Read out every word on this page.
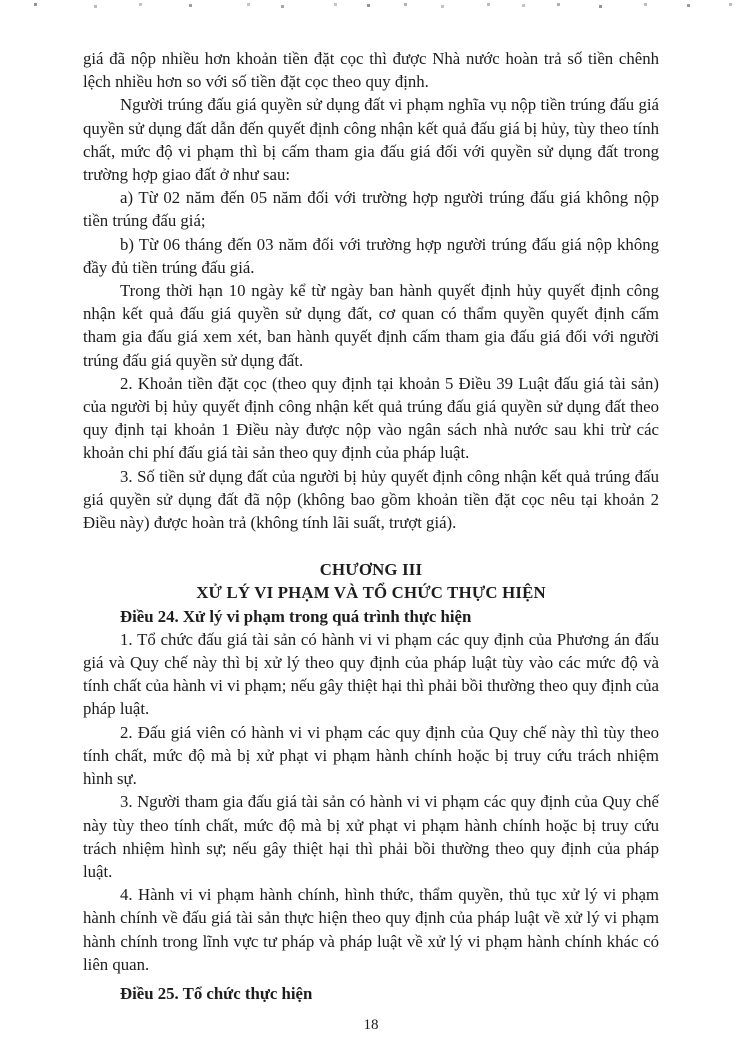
giá đã nộp nhiều hơn khoản tiền đặt cọc thì được Nhà nước hoàn trả số tiền chênh lệch nhiều hơn so với số tiền đặt cọc theo quy định.

Người trúng đấu giá quyền sử dụng đất vi phạm nghĩa vụ nộp tiền trúng đấu giá quyền sử dụng đất dẫn đến quyết định công nhận kết quả đấu giá bị hủy, tùy theo tính chất, mức độ vi phạm thì bị cấm tham gia đấu giá đối với quyền sử dụng đất trong trường hợp giao đất ở như sau:

a) Từ 02 năm đến 05 năm đối với trường hợp người trúng đấu giá không nộp tiền trúng đấu giá;

b) Từ 06 tháng đến 03 năm đối với trường hợp người trúng đấu giá nộp không đầy đủ tiền trúng đấu giá.

Trong thời hạn 10 ngày kể từ ngày ban hành quyết định hủy quyết định công nhận kết quả đấu giá quyền sử dụng đất, cơ quan có thẩm quyền quyết định cấm tham gia đấu giá xem xét, ban hành quyết định cấm tham gia đấu giá đối với người trúng đấu giá quyền sử dụng đất.

2. Khoản tiền đặt cọc (theo quy định tại khoản 5 Điều 39 Luật đấu giá tài sản) của người bị hủy quyết định công nhận kết quả trúng đấu giá quyền sử dụng đất theo quy định tại khoản 1 Điều này được nộp vào ngân sách nhà nước sau khi trừ các khoản chi phí đấu giá tài sản theo quy định của pháp luật.

3. Số tiền sử dụng đất của người bị hủy quyết định công nhận kết quả trúng đấu giá quyền sử dụng đất đã nộp (không bao gồm khoản tiền đặt cọc nêu tại khoản 2 Điều này) được hoàn trả (không tính lãi suất, trượt giá).

CHƯƠNG III
XỬ LÝ VI PHẠM VÀ TỔ CHỨC THỰC HIỆN

Điều 24. Xử lý vi phạm trong quá trình thực hiện

1. Tổ chức đấu giá tài sản có hành vi vi phạm các quy định của Phương án đấu giá và Quy chế này thì bị xử lý theo quy định của pháp luật tùy vào các mức độ và tính chất của hành vi vi phạm; nếu gây thiệt hại thì phải bồi thường theo quy định của pháp luật.

2. Đấu giá viên có hành vi vi phạm các quy định của Quy chế này thì tùy theo tính chất, mức độ mà bị xử phạt vi phạm hành chính hoặc bị truy cứu trách nhiệm hình sự.

3. Người tham gia đấu giá tài sản có hành vi vi phạm các quy định của Quy chế này tùy theo tính chất, mức độ mà bị xử phạt vi phạm hành chính hoặc bị truy cứu trách nhiệm hình sự; nếu gây thiệt hại thì phải bồi thường theo quy định của pháp luật.

4. Hành vi vi phạm hành chính, hình thức, thẩm quyền, thủ tục xử lý vi phạm hành chính về đấu giá tài sản thực hiện theo quy định của pháp luật về xử lý vi phạm hành chính trong lĩnh vực tư pháp và pháp luật về xử lý vi phạm hành chính khác có liên quan.

Điều 25. Tổ chức thực hiện

18
